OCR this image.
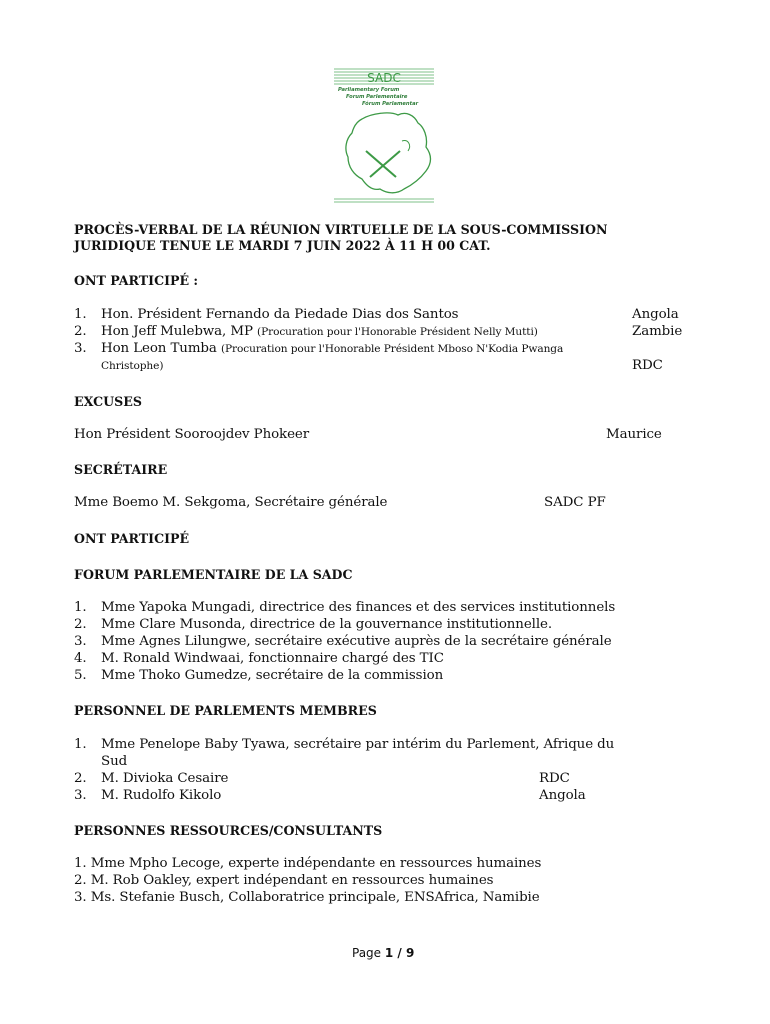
SADC
Parliamentary Forum
Forum Parlementaire
Fórum Parlamentar
PROCÈS-VERBAL DE LA RÉUNION VIRTUELLE DE LA SOUS-COMMISSION
JURIDIQUE TENUE LE MARDI 7 JUIN 2022 À 11 H 00 CAT.
ONT PARTICIPÉ :
1. Hon. Président Fernando da Piedade Dias dos Santos	Angola
2. Hon Jeff Mulebwa, MP (Procuration pour l'Honorable Président Nelly Mutti)	Zambie
3. Hon Leon Tumba (Procuration pour l'Honorable Président Mboso N'Kodia Pwanga
Christophe)	RDC
EXCUSES
Hon Président Sooroojdev Phokeer	Maurice
SECRÉTAIRE
Mme Boemo M. Sekgoma, Secrétaire générale	SADC PF
ONT PARTICIPÉ
FORUM PARLEMENTAIRE DE LA SADC
1. Mme Yapoka Mungadi, directrice des finances et des services institutionnels
2. Mme Clare Musonda, directrice de la gouvernance institutionnelle.
3. Mme Agnes Lilungwe, secrétaire exécutive auprès de la secrétaire générale
4. M. Ronald Windwaai, fonctionnaire chargé des TIC
5. Mme Thoko Gumedze, secrétaire de la commission
PERSONNEL DE PARLEMENTS MEMBRES
1. Mme Penelope Baby Tyawa, secrétaire par intérim du Parlement, Afrique du
Sud
2. M. Divioka Cesaire	RDC
3. M. Rudolfo Kikolo	Angola
PERSONNES RESSOURCES/CONSULTANTS
1. Mme Mpho Lecoge, experte indépendante en ressources humaines
2. M. Rob Oakley, expert indépendant en ressources humaines
3. Ms. Stefanie Busch, Collaboratrice principale, ENSAfrica, Namibie
Page 1 / 9
